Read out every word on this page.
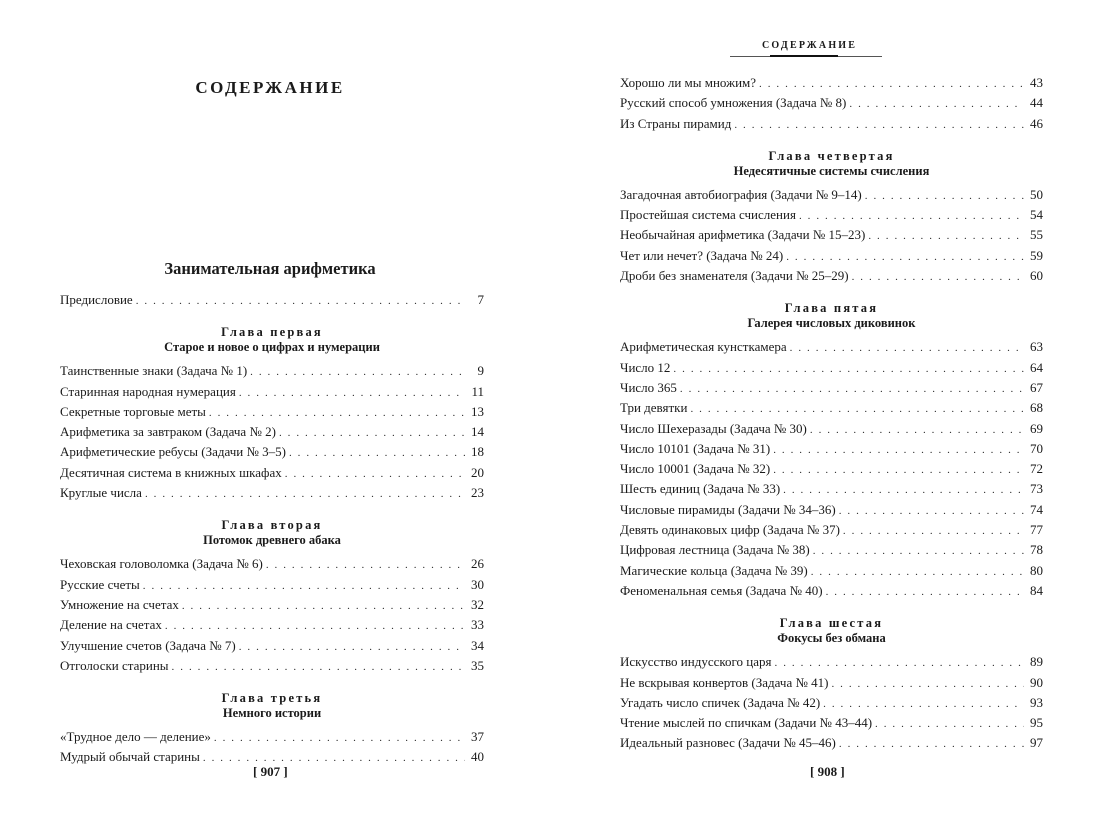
СОДЕРЖАНИЕ
Занимательная арифметика
Предисловие . . .	7
Глава первая
Старое и новое о цифрах и нумерации
Таинственные знаки (Задача № 1) . . .	9
Старинная народная нумерация . . .	11
Секретные торговые меты . . .	13
Арифметика за завтраком (Задача № 2) . . .	14
Арифметические ребусы (Задачи № 3–5) . . .	18
Десятичная система в книжных шкафах . . .	20
Круглые числа . . .	23
Глава вторая
Потомок древнего абака
Чеховская головоломка (Задача № 6) . . .	26
Русские счеты . . .	30
Умножение на счетах . . .	32
Деление на счетах . . .	33
Улучшение счетов (Задача № 7) . . .	34
Отголоски старины . . .	35
Глава третья
Немного истории
«Трудное дело — деление» . . .	37
Мудрый обычай старины . . .	40
[ 907 ]
СОДЕРЖАНИЕ
Хорошо ли мы множим? . . .	43
Русский способ умножения (Задача № 8) . . .	44
Из Страны пирамид . . .	46
Глава четвертая
Недесятичные системы счисления
Загадочная автобиография (Задачи № 9–14) . . .	50
Простейшая система счисления . . .	54
Необычайная арифметика (Задачи № 15–23) . . .	55
Чет или нечет? (Задача № 24) . . .	59
Дроби без знаменателя (Задачи № 25–29) . . .	60
Глава пятая
Галерея числовых диковинок
Арифметическая кунсткамера . . .	63
Число 12 . . .	64
Число 365 . . .	67
Три девятки . . .	68
Число Шехеразады (Задача № 30) . . .	69
Число 10101 (Задача № 31) . . .	70
Число 10001 (Задача № 32) . . .	72
Шесть единиц (Задача № 33) . . .	73
Числовые пирамиды (Задачи № 34–36) . . .	74
Девять одинаковых цифр (Задача № 37) . . .	77
Цифровая лестница (Задача № 38) . . .	78
Магические кольца (Задача № 39) . . .	80
Феноменальная семья (Задача № 40) . . .	84
Глава шестая
Фокусы без обмана
Искусство индусского царя . . .	89
Не вскрывая конвертов (Задача № 41) . . .	90
Угадать число спичек (Задача № 42) . . .	93
Чтение мыслей по спичкам (Задачи № 43–44) . . .	95
Идеальный разновес (Задачи № 45–46) . . .	97
[ 908 ]
